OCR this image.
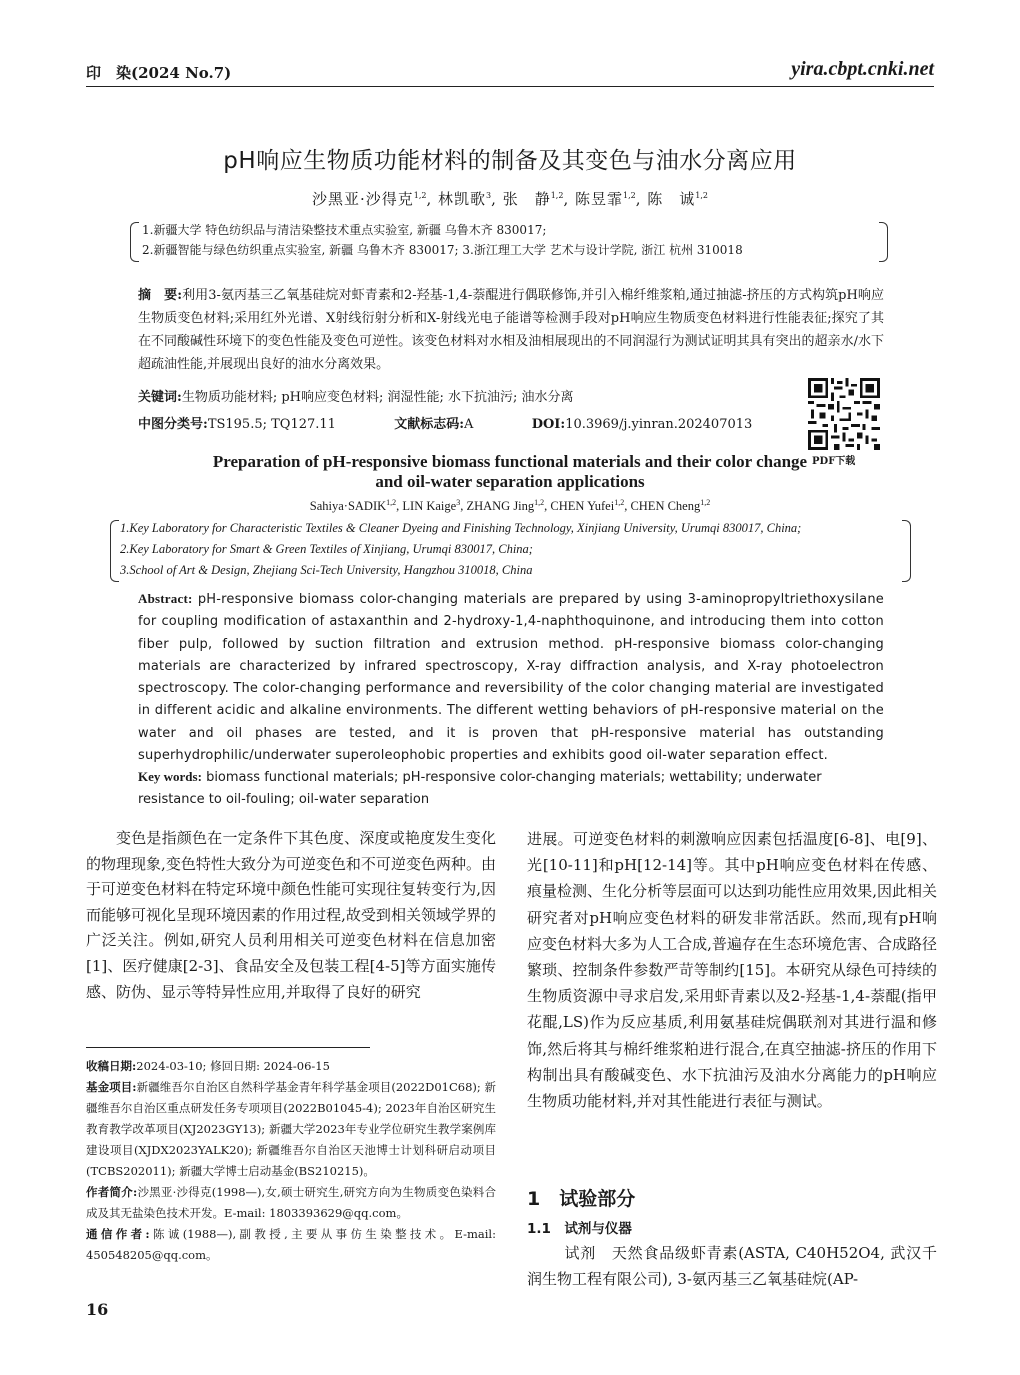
印　染(2024 No.7)	yira.cbpt.cnki.net
pH响应生物质功能材料的制备及其变色与油水分离应用
沙黑亚·沙得克$^{1,2}$, 林凯歌$^3$, 张　静$^{1,2}$, 陈昱霏$^{1,2}$, 陈　诚$^{1,2}$
1.新疆大学 特色纺织品与清洁染整技术重点实验室, 新疆 乌鲁木齐 830017;
2.新疆智能与绿色纺织重点实验室, 新疆 乌鲁木齐 830017; 3.浙江理工大学 艺术与设计学院, 浙江 杭州 310018
摘　要:利用3-氨丙基三乙氧基硅烷对虾青素和2-羟基-1,4-萘醌进行偶联修饰,并引入棉纤维浆粕,通过抽滤-挤压的方式构筑pH响应生物质变色材料;采用红外光谱、X射线衍射分析和X-射线光电子能谱等检测手段对pH响应生物质变色材料进行性能表征;探究了其在不同酸碱性环境下的变色性能及变色可逆性。该变色材料对水相及油相展现出的不同润湿行为测试证明其具有突出的超亲水/水下超疏油性能,并展现出良好的油水分离效果。
关键词:生物质功能材料; pH响应变色材料; 润湿性能; 水下抗油污; 油水分离
中图分类号:TS195.5; TQ127.11	文献标志码:A	DOI:10.3969/j.yinran.202407013
PDF下载
Preparation of pH-responsive biomass functional materials and their color change and oil-water separation applications
Sahiya·SADIK$^{1,2}$, LIN Kaige$^3$, ZHANG Jing$^{1,2}$, CHEN Yufei$^{1,2}$, CHEN Cheng$^{1,2}$
1.Key Laboratory for Characteristic Textiles & Cleaner Dyeing and Finishing Technology, Xinjiang University, Urumqi 830017, China;
2.Key Laboratory for Smart & Green Textiles of Xinjiang, Urumqi 830017, China;
3.School of Art & Design, Zhejiang Sci-Tech University, Hangzhou 310018, China
Abstract: pH-responsive biomass color-changing materials are prepared by using 3-aminopropyltriethoxysilane for coupling modification of astaxanthin and 2-hydroxy-1,4-naphthoquinone, and introducing them into cotton fiber pulp, followed by suction filtration and extrusion method. pH-responsive biomass color-changing materials are characterized by infrared spectroscopy, X-ray diffraction analysis, and X-ray photoelectron spectroscopy. The color-changing performance and reversibility of the color changing material are investigated in different acidic and alkaline environments. The different wetting behaviors of pH-responsive material on the water and oil phases are tested, and it is proven that pH-responsive material has outstanding superhydrophilic/underwater superoleophobic properties and exhibits good oil-water separation effect.
Key words: biomass functional materials; pH-responsive color-changing materials; wettability; underwater resistance to oil-fouling; oil-water separation
变色是指颜色在一定条件下其色度、深度或艳度发生变化的物理现象,变色特性大致分为可逆变色和不可逆变色两种。由于可逆变色材料在特定环境中颜色性能可实现往复转变行为,因而能够可视化呈现环境因素的作用过程,故受到相关领域学界的广泛关注。例如,研究人员利用相关可逆变色材料在信息加密[1]、医疗健康[2-3]、食品安全及包装工程[4-5]等方面实施传感、防伪、显示等特异性应用,并取得了良好的研究

收稿日期:2024-03-10; 修回日期: 2024-06-15

基金项目:新疆维吾尔自治区自然科学基金青年科学基金项目(2022D01C68); 新疆维吾尔自治区重点研发任务专项项目(2022B01045-4); 2023年自治区研究生教育教学改革项目(XJ2023GY13); 新疆大学2023年专业学位研究生教学案例库建设项目(XJDX2023YALK20); 新疆维吾尔自治区天池博士计划科研启动项目(TCBS202011); 新疆大学博士启动基金(BS210215)。

作者简介:沙黑亚·沙得克(1998—),女,硕士研究生,研究方向为生物质变色染料合成及其无盐染色技术开发。E-mail: 1803393629@qq.com。

通信作者:陈诚(1988—),副教授,主要从事仿生染整技术。E-mail: 450548205@qq.com。

进展。可逆变色材料的刺激响应因素包括温度[6-8]、电[9]、光[10-11]和pH[12-14]等。其中pH响应变色材料在传感、痕量检测、生化分析等层面可以达到功能性应用效果,因此相关研究者对pH响应变色材料的研发非常活跃。然而,现有pH响应变色材料大多为人工合成,普遍存在生态环境危害、合成路径繁琐、控制条件参数严苛等制约[15]。本研究从绿色可持续的生物质资源中寻求启发,采用虾青素以及2-羟基-1,4-萘醌(指甲花醌,LS)作为反应基质,利用氨基硅烷偶联剂对其进行温和修饰,然后将其与棉纤维浆粕进行混合,在真空抽滤-挤压的作用下构制出具有酸碱变色、水下抗油污及油水分离能力的pH响应生物质功能材料,并对其性能进行表征与测试。

1　试验部分
1.1　试剂与仪器
试剂　天然食品级虾青素(ASTA, C40H52O4, 武汉千润生物工程有限公司), 3-氨丙基三乙氧基硅烷(AP-
16
